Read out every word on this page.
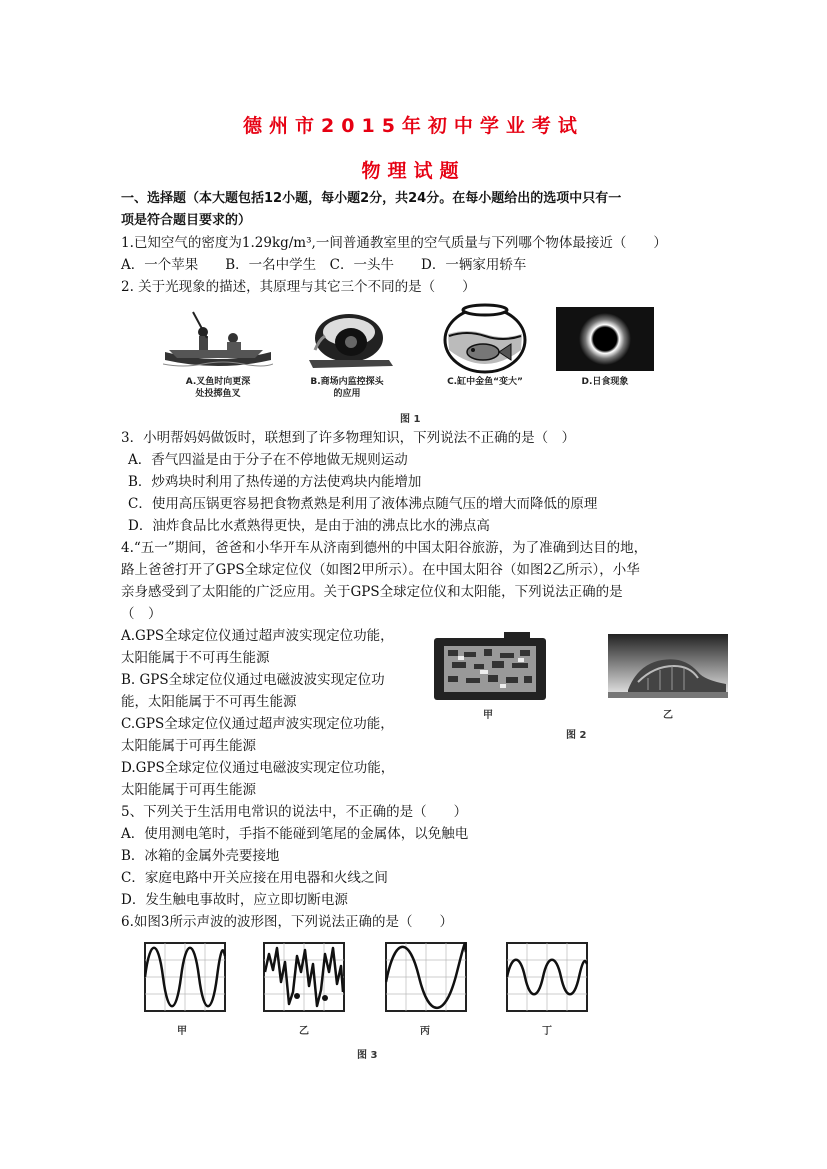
德州市2015年初中学业考试
物理试题
一、选择题（本大题包括12小题，每小题2分，共24分。在每小题给出的选项中只有一
项是符合题目要求的）
1.已知空气的密度为1.29kg/m³,一间普通教室里的空气质量与下列哪个物体最接近（　　）
A．一个苹果　　B．一名中学生　C．一头牛　　D．一辆家用轿车
2. 关于光现象的描述，其原理与其它三个不同的是（　　）
A.叉鱼时向更深
处投掷鱼叉
B.商场内监控探头
的应用
C.缸中金鱼“变大”	D.日食现象
图 1
3．小明帮妈妈做饭时，联想到了许多物理知识，下列说法不正确的是（　）
A．香气四溢是由于分子在不停地做无规则运动
B．炒鸡块时利用了热传递的方法使鸡块内能增加
C．使用高压锅更容易把食物煮熟是利用了液体沸点随气压的增大而降低的原理
D．油炸食品比水煮熟得更快，是由于油的沸点比水的沸点高
4.“五一”期间，爸爸和小华开车从济南到德州的中国太阳谷旅游，为了准确到达目的地，
路上爸爸打开了GPS全球定位仪（如图2甲所示）。在中国太阳谷（如图2乙所示），小华
亲身感受到了太阳能的广泛应用。关于GPS全球定位仪和太阳能，下列说法正确的是
（　）
A.GPS全球定位仪通过超声波实现定位功能，
太阳能属于不可再生能源
B. GPS全球定位仪通过电磁波波实现定位功
能，太阳能属于不可再生能源
C.GPS全球定位仪通过超声波实现定位功能，
太阳能属于可再生能源
D.GPS全球定位仪通过电磁波实现定位功能，
太阳能属于可再生能源
甲	乙
图 2
5、下列关于生活用电常识的说法中，不正确的是（　　）
A．使用测电笔时，手指不能碰到笔尾的金属体，以免触电
B．冰箱的金属外壳要接地
C．家庭电路中开关应接在用电器和火线之间
D．发生触电事故时，应立即切断电源
6.如图3所示声波的波形图，下列说法正确的是（　　）
甲	乙	丙	丁
图 3
